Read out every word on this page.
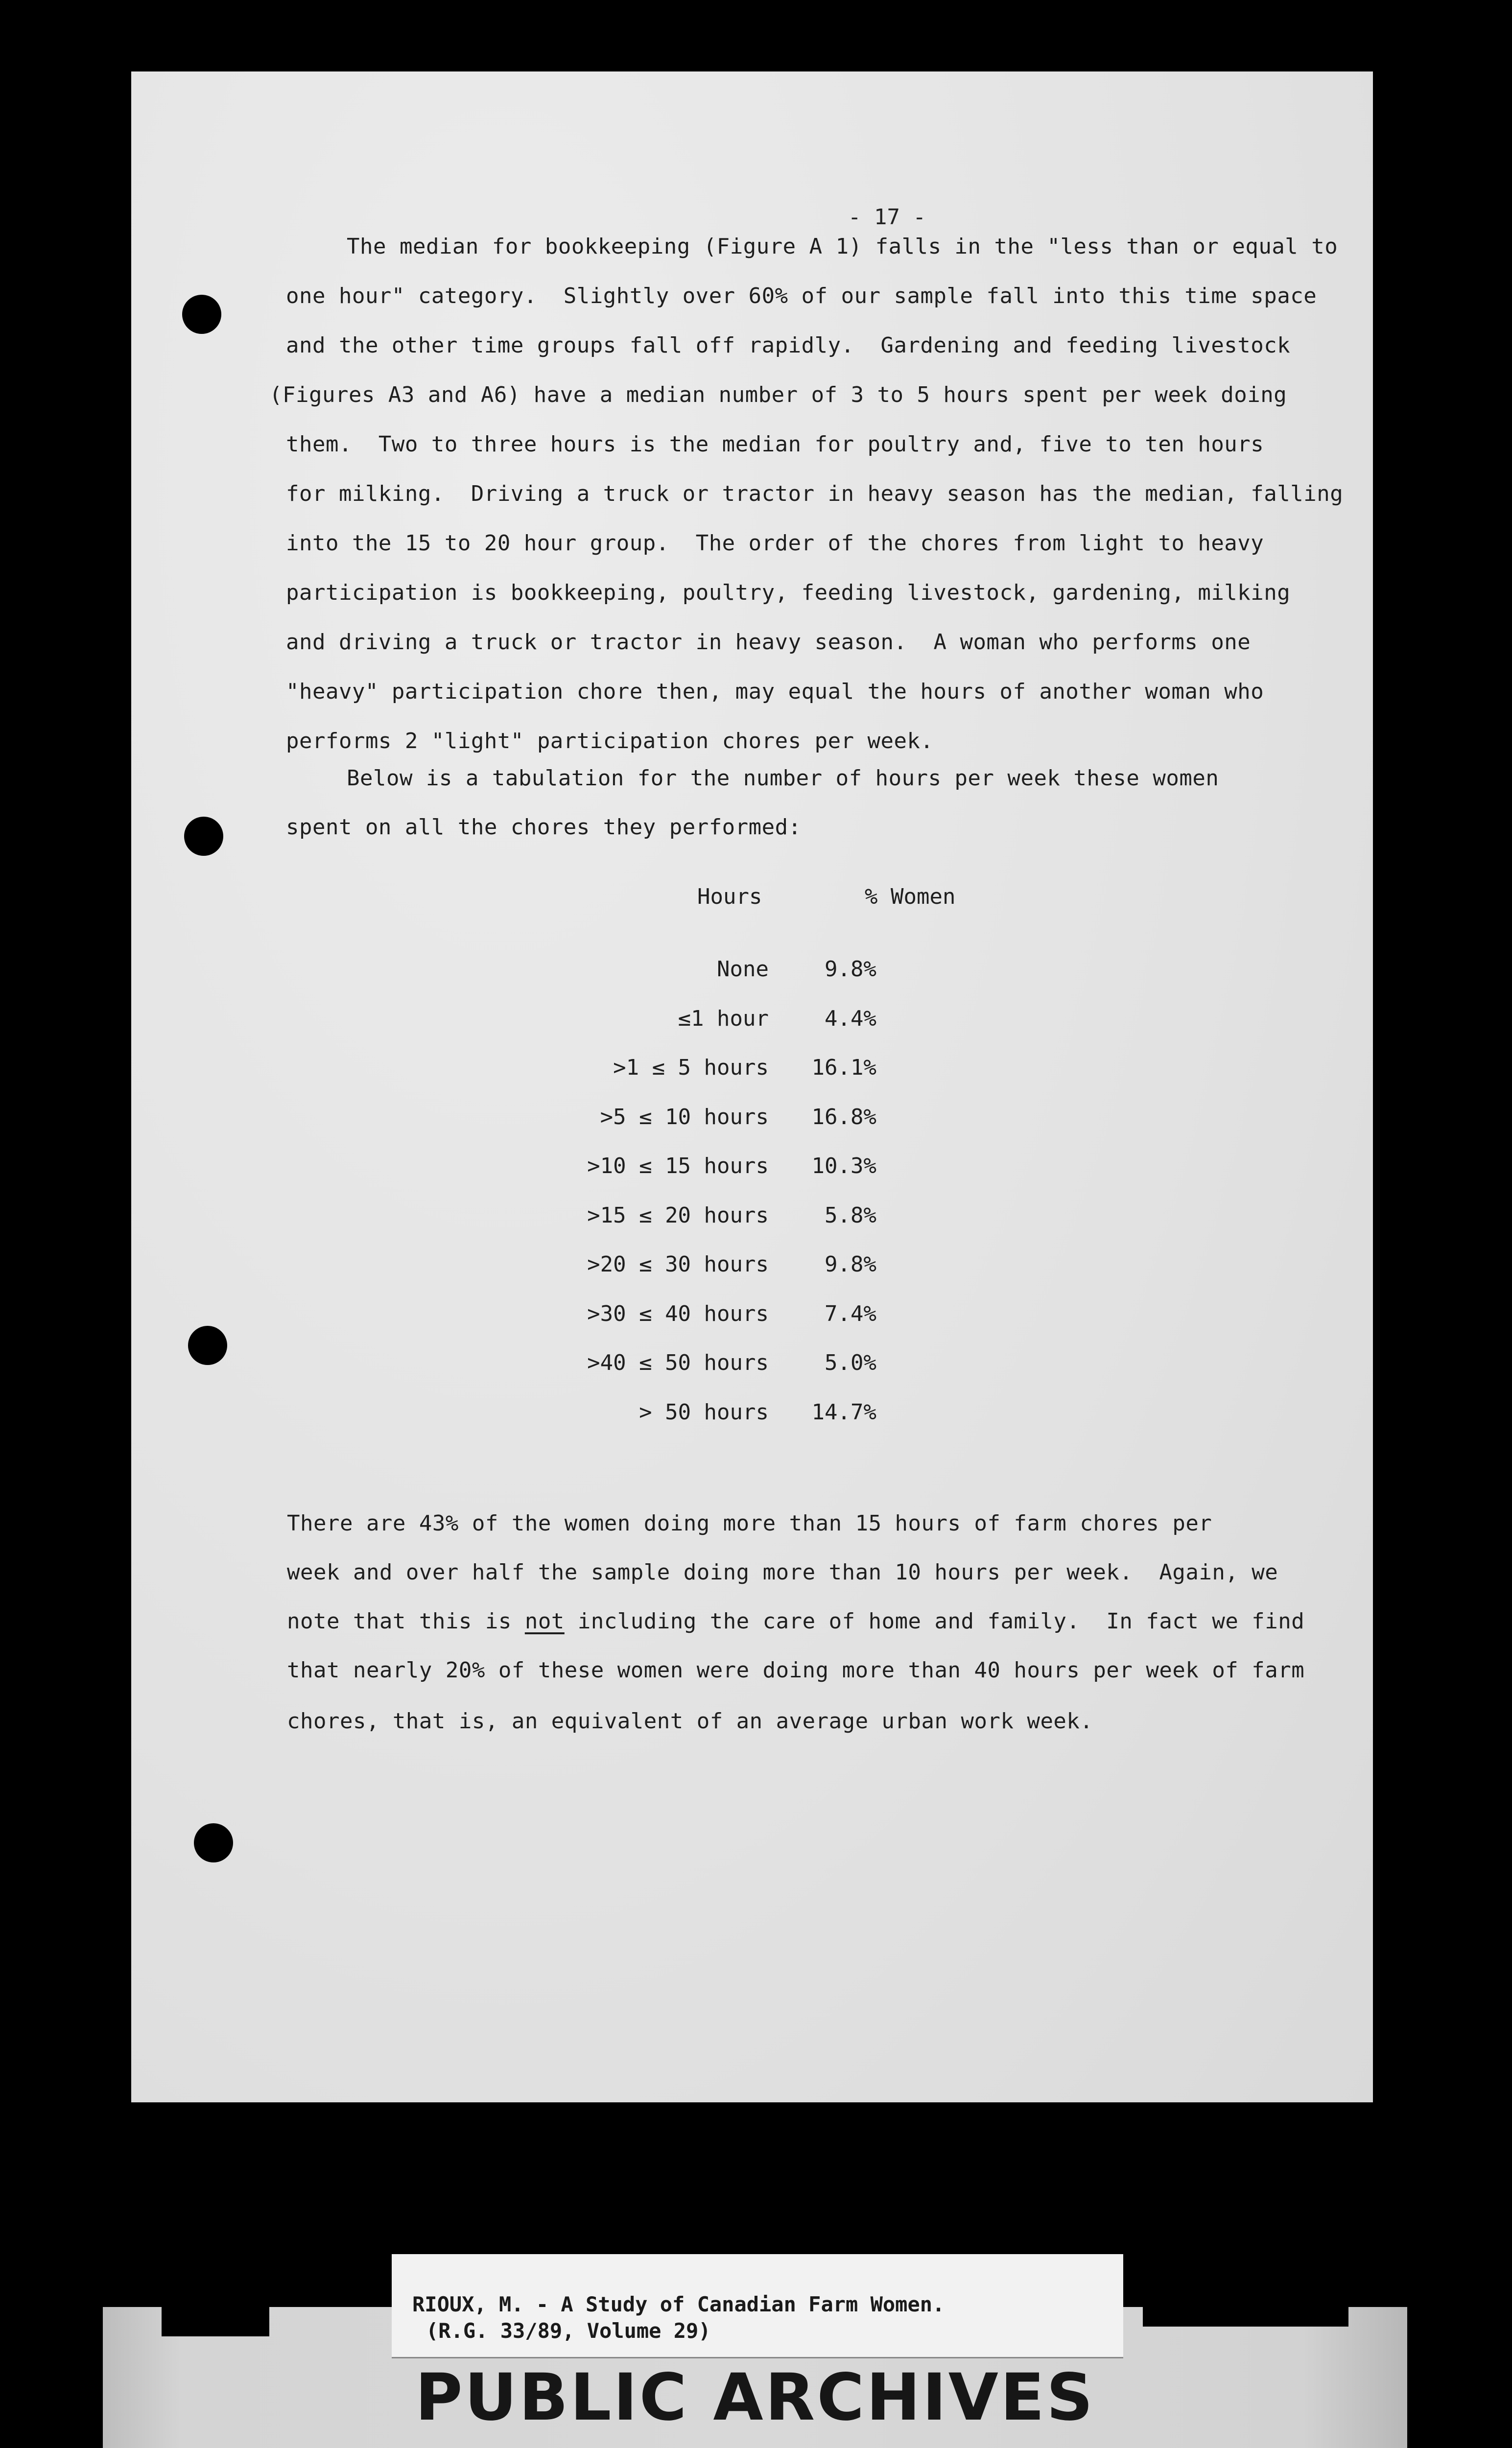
- 17 -
The median for bookkeeping (Figure A 1) falls in the "less than or equal to
one hour" category.  Slightly over 60% of our sample fall into this time space
and the other time groups fall off rapidly.  Gardening and feeding livestock
(Figures A3 and A6) have a median number of 3 to 5 hours spent per week doing
them.  Two to three hours is the median for poultry and, five to ten hours
for milking.  Driving a truck or tractor in heavy season has the median, falling
into the 15 to 20 hour group.  The order of the chores from light to heavy
participation is bookkeeping, poultry, feeding livestock, gardening, milking
and driving a truck or tractor in heavy season.  A woman who performs one
"heavy" participation chore then, may equal the hours of another woman who
performs 2 "light" participation chores per week.
Below is a tabulation for the number of hours per week these women
spent on all the chores they performed:

Hours

	% Women

None	9.8%
≤1 hour	4.4%
>1 ≤ 5 hours	16.1%
>5 ≤ 10 hours	16.8%
>10 ≤ 15 hours	10.3%
>15 ≤ 20 hours	5.8%
>20 ≤ 30 hours	9.8%
>30 ≤ 40 hours	7.4%
>40 ≤ 50 hours	5.0%
> 50 hours	14.7%

There are 43% of the women doing more than 15 hours of farm chores per
week and over half the sample doing more than 10 hours per week.  Again, we
note that this is not including the care of home and family.  In fact we find
that nearly 20% of these women were doing more than 40 hours per week of farm
chores, that is, an equivalent of an average urban work week.
PUBLIC ARCHIVES
RIOUX, M. - A Study of Canadian Farm Women.
(R.G. 33/89, Volume 29)
